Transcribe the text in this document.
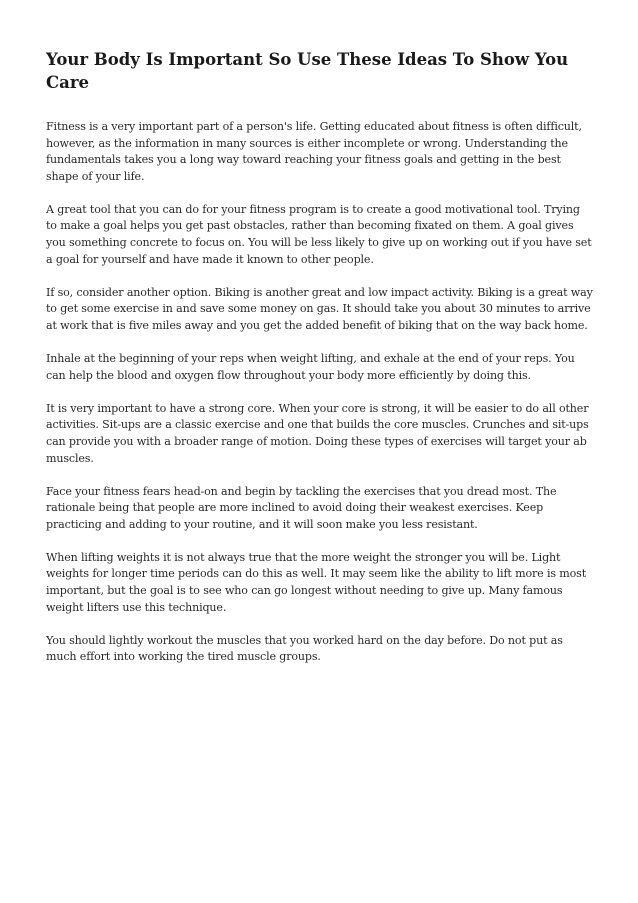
Your Body Is Important So Use These Ideas To Show You Care

Fitness is a very important part of a person's life. Getting educated about fitness is often difficult, however, as the information in many sources is either incomplete or wrong. Understanding the fundamentals takes you a long way toward reaching your fitness goals and getting in the best shape of your life.

A great tool that you can do for your fitness program is to create a good motivational tool. Trying to make a goal helps you get past obstacles, rather than becoming fixated on them. A goal gives you something concrete to focus on. You will be less likely to give up on working out if you have set a goal for yourself and have made it known to other people.

If so, consider another option. Biking is another great and low impact activity. Biking is a great way to get some exercise in and save some money on gas. It should take you about 30 minutes to arrive at work that is five miles away and you get the added benefit of biking that on the way back home.

Inhale at the beginning of your reps when weight lifting, and exhale at the end of your reps. You can help the blood and oxygen flow throughout your body more efficiently by doing this.

It is very important to have a strong core. When your core is strong, it will be easier to do all other activities. Sit-ups are a classic exercise and one that builds the core muscles. Crunches and sit-ups can provide you with a broader range of motion. Doing these types of exercises will target your ab muscles.

Face your fitness fears head-on and begin by tackling the exercises that you dread most. The rationale being that people are more inclined to avoid doing their weakest exercises. Keep practicing and adding to your routine, and it will soon make you less resistant.

When lifting weights it is not always true that the more weight the stronger you will be. Light weights for longer time periods can do this as well. It may seem like the ability to lift more is most important, but the goal is to see who can go longest without needing to give up. Many famous weight lifters use this technique.

You should lightly workout the muscles that you worked hard on the day before. Do not put as much effort into working the tired muscle groups.
